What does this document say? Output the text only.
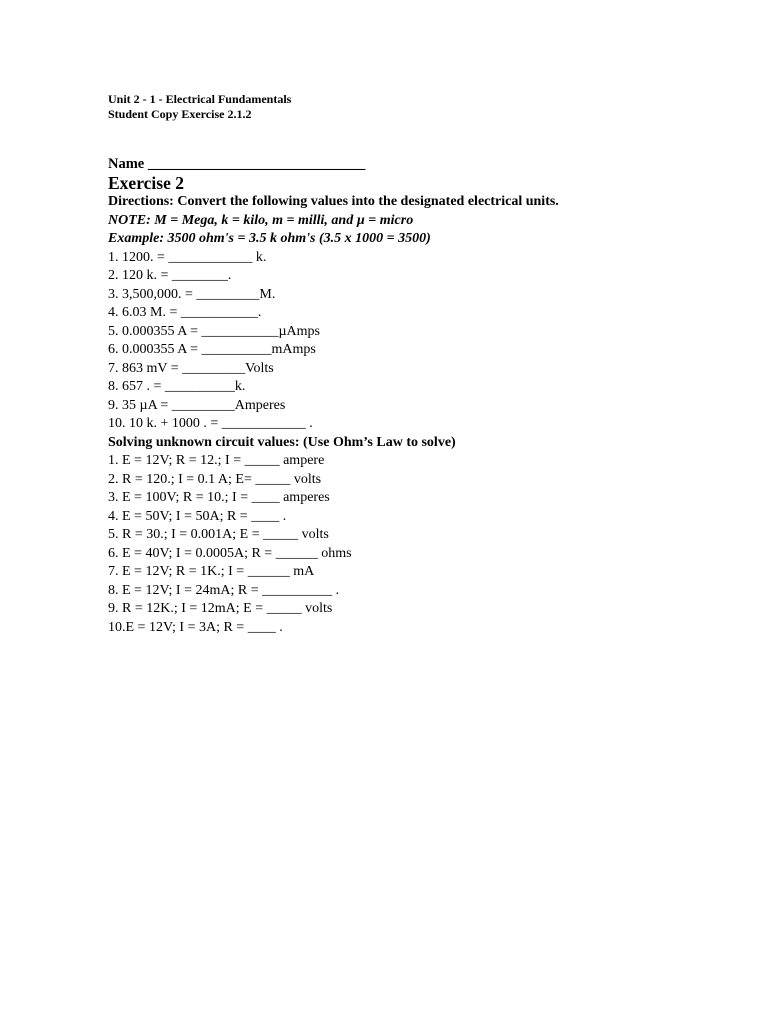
Unit 2 - 1 - Electrical Fundamentals
Student Copy Exercise 2.1.2
Name ______________________________
Exercise 2
Directions: Convert the following values into the designated electrical units.
NOTE: M = Mega, k = kilo, m = milli, and µ = micro
Example: 3500 ohm's = 3.5 k ohm's (3.5 x 1000 = 3500)
1. 1200. = ____________ k.
2. 120 k. = ________.
3. 3,500,000. = _________M.
4. 6.03 M. = ___________.
5. 0.000355 A = ___________µAmps
6. 0.000355 A = __________mAmps
7. 863 mV = _________Volts
8. 657 . = __________k.
9. 35 µA = _________Amperes
10. 10 k. + 1000 . = ____________ .
Solving unknown circuit values: (Use Ohm’s Law to solve)
1. E = 12V; R = 12.; I = _____ ampere
2. R = 120.; I = 0.1 A; E= _____ volts
3. E = 100V; R = 10.; I = ____ amperes
4. E = 50V; I = 50A; R = ____ .
5. R = 30.; I = 0.001A; E = _____ volts
6. E = 40V; I = 0.0005A; R = ______ ohms
7. E = 12V; R = 1K.; I = ______ mA
8. E = 12V; I = 24mA; R = __________ .
9. R = 12K.; I = 12mA; E = _____ volts
10.E = 12V; I = 3A; R = ____ .
